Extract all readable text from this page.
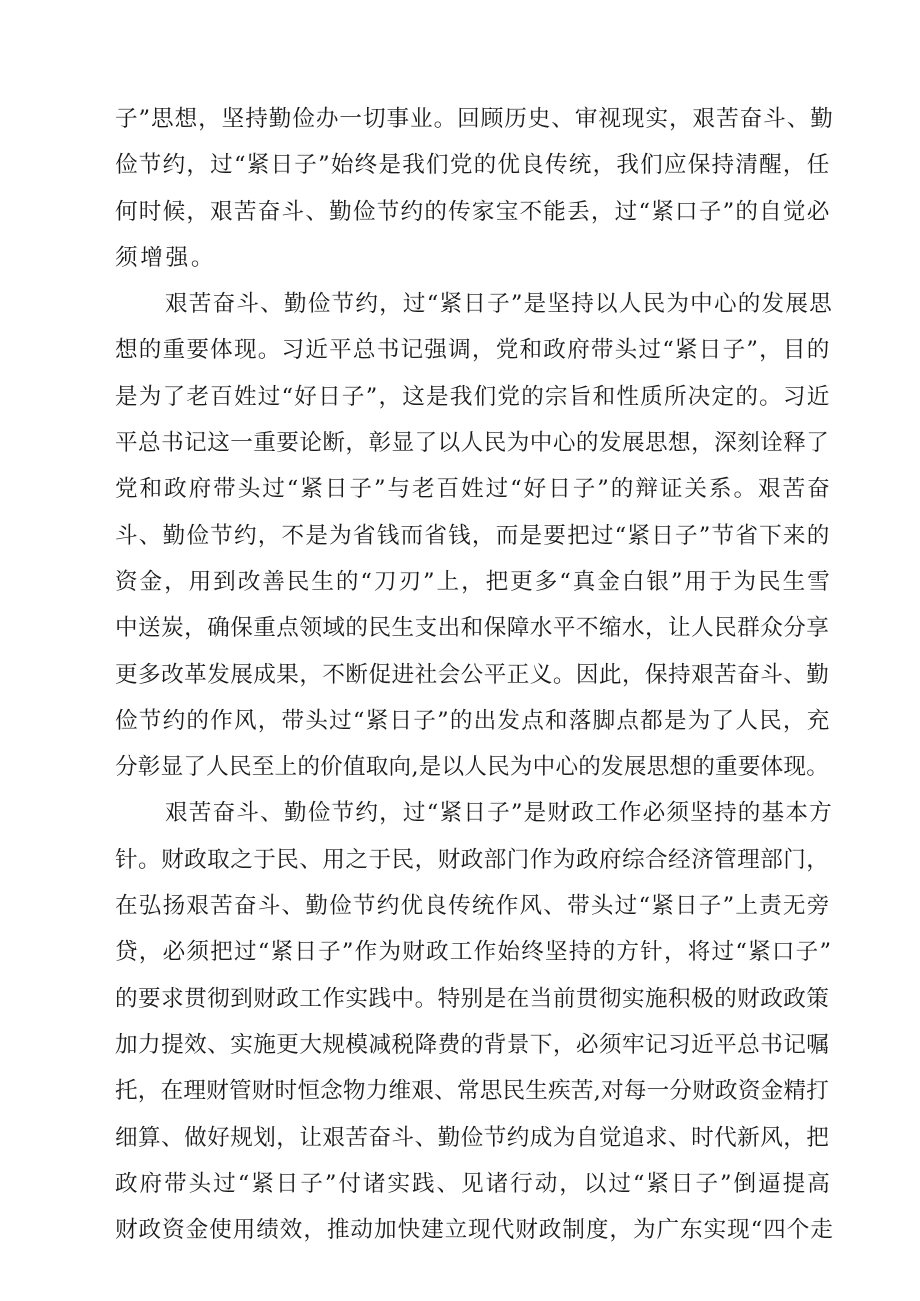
子”思想，坚持勤俭办一切事业。回顾历史、审视现实，艰苦奋斗、勤
俭节约，过“紧日子”始终是我们党的优良传统，我们应保持清醒，任
何时候，艰苦奋斗、勤俭节约的传家宝不能丢，过“紧口子”的自觉必
须增强。
艰苦奋斗、勤俭节约，过“紧日子”是坚持以人民为中心的发展思
想的重要体现。习近平总书记强调，党和政府带头过“紧日子”，目的
是为了老百姓过“好日子”，这是我们党的宗旨和性质所决定的。习近
平总书记这一重要论断，彰显了以人民为中心的发展思想，深刻诠释了
党和政府带头过“紧日子”与老百姓过“好日子”的辩证关系。艰苦奋
斗、勤俭节约，不是为省钱而省钱，而是要把过“紧日子”节省下来的
资金，用到改善民生的“刀刃”上，把更多“真金白银”用于为民生雪
中送炭，确保重点领域的民生支出和保障水平不缩水，让人民群众分享
更多改革发展成果，不断促进社会公平正义。因此，保持艰苦奋斗、勤
俭节约的作风，带头过“紧日子”的出发点和落脚点都是为了人民，充
分彰显了人民至上的价值取向,是以人民为中心的发展思想的重要体现。
艰苦奋斗、勤俭节约，过“紧日子”是财政工作必须坚持的基本方
针。财政取之于民、用之于民，财政部门作为政府综合经济管理部门，
在弘扬艰苦奋斗、勤俭节约优良传统作风、带头过“紧日子”上责无旁
贷，必须把过“紧日子”作为财政工作始终坚持的方针，将过“紧口子”
的要求贯彻到财政工作实践中。特别是在当前贯彻实施积极的财政政策
加力提效、实施更大规模减税降费的背景下，必须牢记习近平总书记嘱
托，在理财管财时恒念物力维艰、常思民生疾苦,对每一分财政资金精打
细算、做好规划，让艰苦奋斗、勤俭节约成为自觉追求、时代新风，把
政府带头过“紧日子”付诸实践、见诸行动，以过“紧日子”倒逼提高
财政资金使用绩效，推动加快建立现代财政制度，为广东实现“四个走
